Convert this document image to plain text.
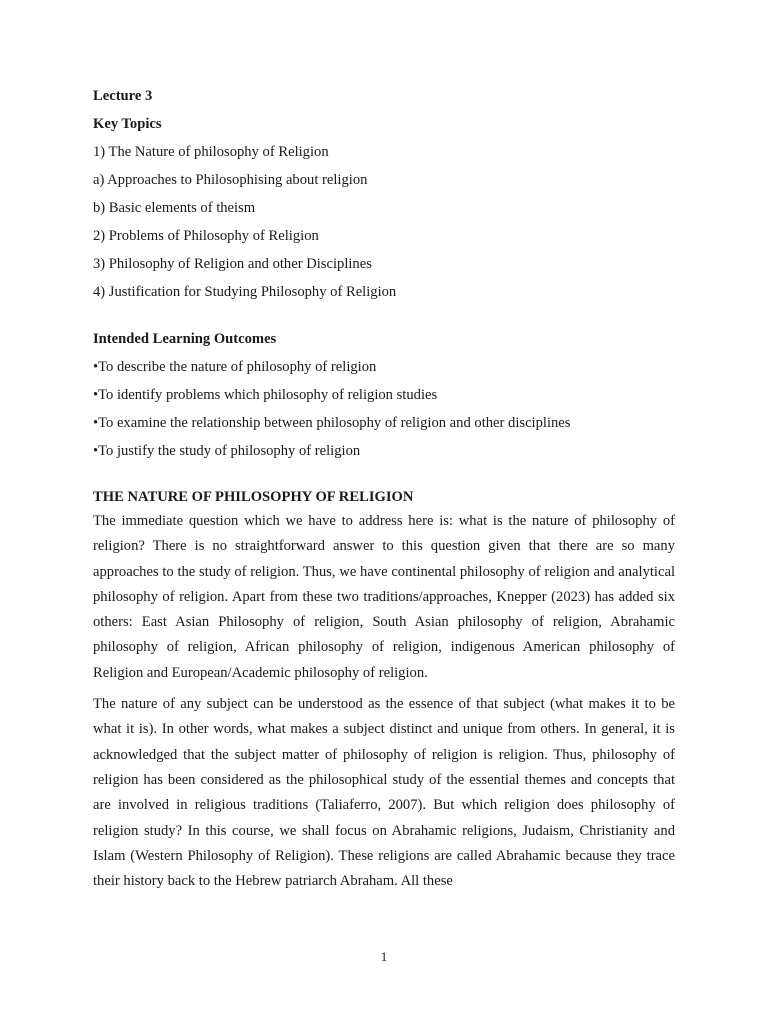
Lecture 3
Key Topics
1) The Nature of philosophy of Religion
a) Approaches to Philosophising about religion
b) Basic elements of theism
2) Problems of Philosophy of Religion
3) Philosophy of Religion and other Disciplines
4) Justification for Studying Philosophy of Religion
Intended Learning Outcomes
•To describe the nature of philosophy of religion
•To identify problems which philosophy of religion studies
•To examine the relationship between philosophy of religion and other disciplines
•To justify the study of philosophy of religion
THE NATURE OF PHILOSOPHY OF RELIGION

The immediate question which we have to address here is: what is the nature of philosophy of religion? There is no straightforward answer to this question given that there are so many approaches to the study of religion. Thus, we have continental philosophy of religion and analytical philosophy of religion. Apart from these two traditions/approaches, Knepper (2023) has added six others: East Asian Philosophy of religion, South Asian philosophy of religion, Abrahamic philosophy of religion, African philosophy of religion, indigenous American philosophy of Religion and European/Academic philosophy of religion.

The nature of any subject can be understood as the essence of that subject (what makes it to be what it is). In other words, what makes a subject distinct and unique from others. In general, it is acknowledged that the subject matter of philosophy of religion is religion. Thus, philosophy of religion has been considered as the philosophical study of the essential themes and concepts that are involved in religious traditions (Taliaferro, 2007). But which religion does philosophy of religion study? In this course, we shall focus on Abrahamic religions, Judaism, Christianity and Islam (Western Philosophy of Religion). These religions are called Abrahamic because they trace their history back to the Hebrew patriarch Abraham. All these

1
